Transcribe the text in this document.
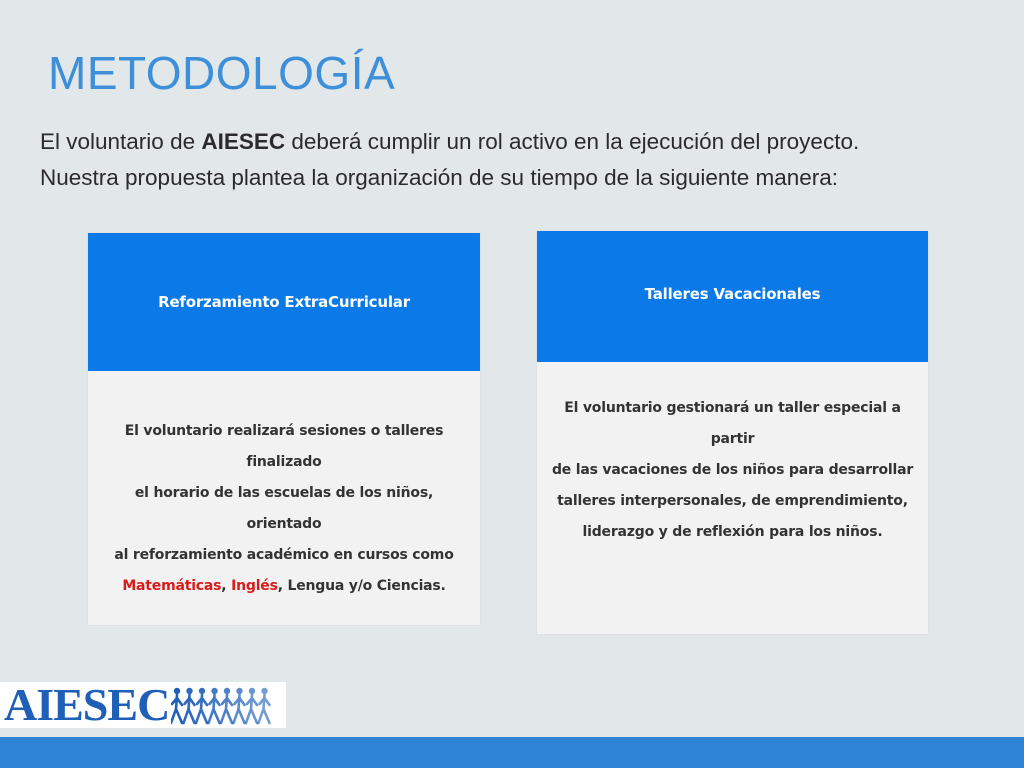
METODOLOGÍA
El voluntario de AIESEC deberá cumplir un rol activo en la ejecución del proyecto.
Nuestra propuesta plantea la organización de su tiempo de la siguiente manera:
Reforzamiento ExtraCurricular

El voluntario realizará sesiones o talleres finalizado
el horario de las escuelas de los niños, orientado
al reforzamiento académico en cursos como
Matemáticas, Inglés, Lengua y/o Ciencias.

Talleres Vacacionales

El voluntario gestionará un taller especial a partir
de las vacaciones de los niños para desarrollar
talleres interpersonales, de emprendimiento,
liderazgo y de reflexión para los niños.

AIESEC
